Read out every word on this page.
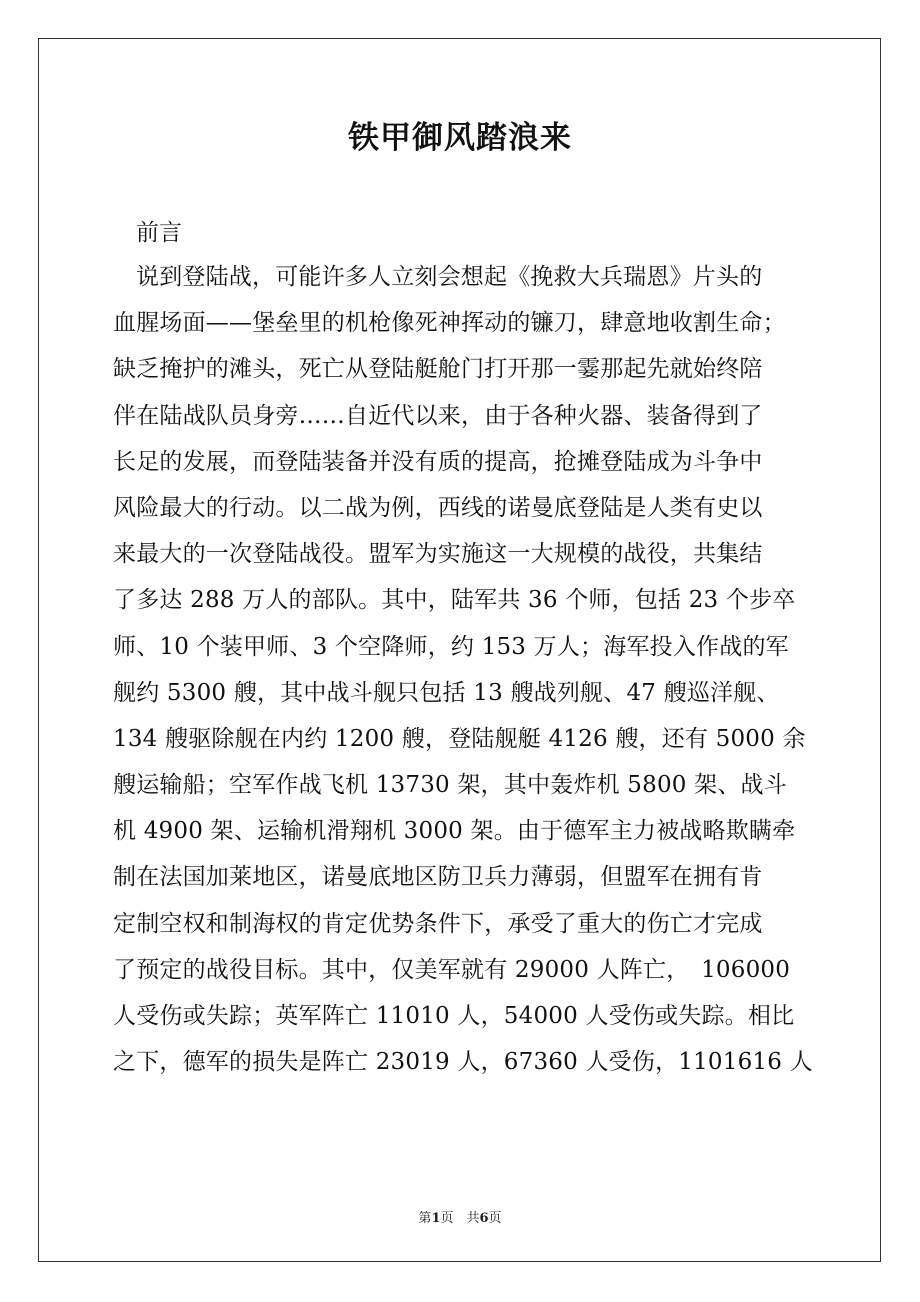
铁甲御风踏浪来

前言

说到登陆战，可能许多人立刻会想起《挽救大兵瑞恩》片头的
血腥场面——堡垒里的机枪像死神挥动的镰刀，肆意地收割生命；
缺乏掩护的滩头，死亡从登陆艇舱门打开那一霎那起先就始终陪
伴在陆战队员身旁……自近代以来，由于各种火器、装备得到了
长足的发展，而登陆装备并没有质的提高，抢摊登陆成为斗争中
风险最大的行动。以二战为例，西线的诺曼底登陆是人类有史以
来最大的一次登陆战役。盟军为实施这一大规模的战役，共集结
了多达 288 万人的部队。其中，陆军共 36 个师，包括 23 个步卒
师、10 个装甲师、3 个空降师，约 153 万人；海军投入作战的军
舰约 5300 艘，其中战斗舰只包括 13 艘战列舰、47 艘巡洋舰、
134 艘驱除舰在内约 1200 艘，登陆舰艇 4126 艘，还有 5000 余
艘运输船；空军作战飞机 13730 架，其中轰炸机 5800 架、战斗
机 4900 架、运输机滑翔机 3000 架。由于德军主力被战略欺瞒牵
制在法国加莱地区，诺曼底地区防卫兵力薄弱，但盟军在拥有肯
定制空权和制海权的肯定优势条件下，承受了重大的伤亡才完成
了预定的战役目标。其中，仅美军就有 29000 人阵亡，　106000
人受伤或失踪；英军阵亡 11010 人，54000 人受伤或失踪。相比
之下，德军的损失是阵亡 23019 人，67360 人受伤，1101616 人
第1页　共6页
